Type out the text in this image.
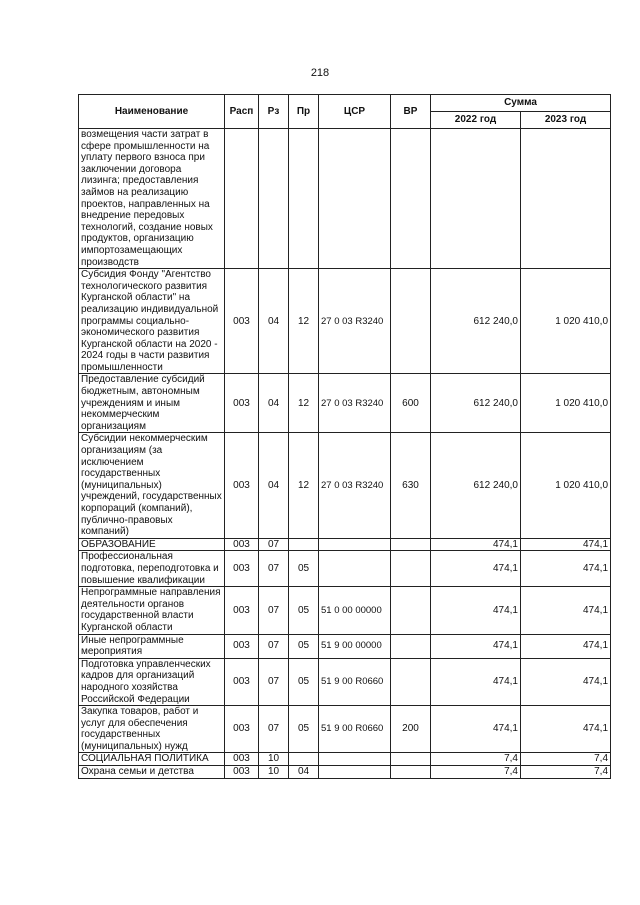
218
Наименование	Расп	Рз	Пр	ЦСР	ВР	Сумма	
						2022 год	2023 год
возмещения части затрат в сфере промышленности на уплату первого взноса при заключении договора лизинга; предоставления займов на реализацию проектов, направленных на внедрение передовых технологий, создание новых продуктов, организацию импортозамещающих производств							
Субсидия Фонду "Агентство технологического развития Курганской области" на реализацию индивидуальной программы социально-экономического развития Курганской области на 2020 - 2024 годы в части развития промышленности	003	04	12	27 0 03 R3240		612 240,0	1 020 410,0
Предоставление субсидий бюджетным, автономным учреждениям и иным некоммерческим организациям	003	04	12	27 0 03 R3240	600	612 240,0	1 020 410,0
Субсидии некоммерческим организациям (за исключением государственных (муниципальных) учреждений, государственных корпораций (компаний), публично-правовых компаний)	003	04	12	27 0 03 R3240	630	612 240,0	1 020 410,0
ОБРАЗОВАНИЕ	003	07				474,1	474,1
Профессиональная подготовка, переподготовка и повышение квалификации	003	07	05			474,1	474,1
Непрограммные направления деятельности органов государственной власти Курганской области	003	07	05	51 0 00 00000		474,1	474,1
Иные непрограммные мероприятия	003	07	05	51 9 00 00000		474,1	474,1
Подготовка управленческих кадров для организаций народного хозяйства Российской Федерации	003	07	05	51 9 00 R0660		474,1	474,1
Закупка товаров, работ и услуг для обеспечения государственных (муниципальных) нужд	003	07	05	51 9 00 R0660	200	474,1	474,1
СОЦИАЛЬНАЯ ПОЛИТИКА	003	10				7,4	7,4
Охрана семьи и детства	003	10	04			7,4	7,4
